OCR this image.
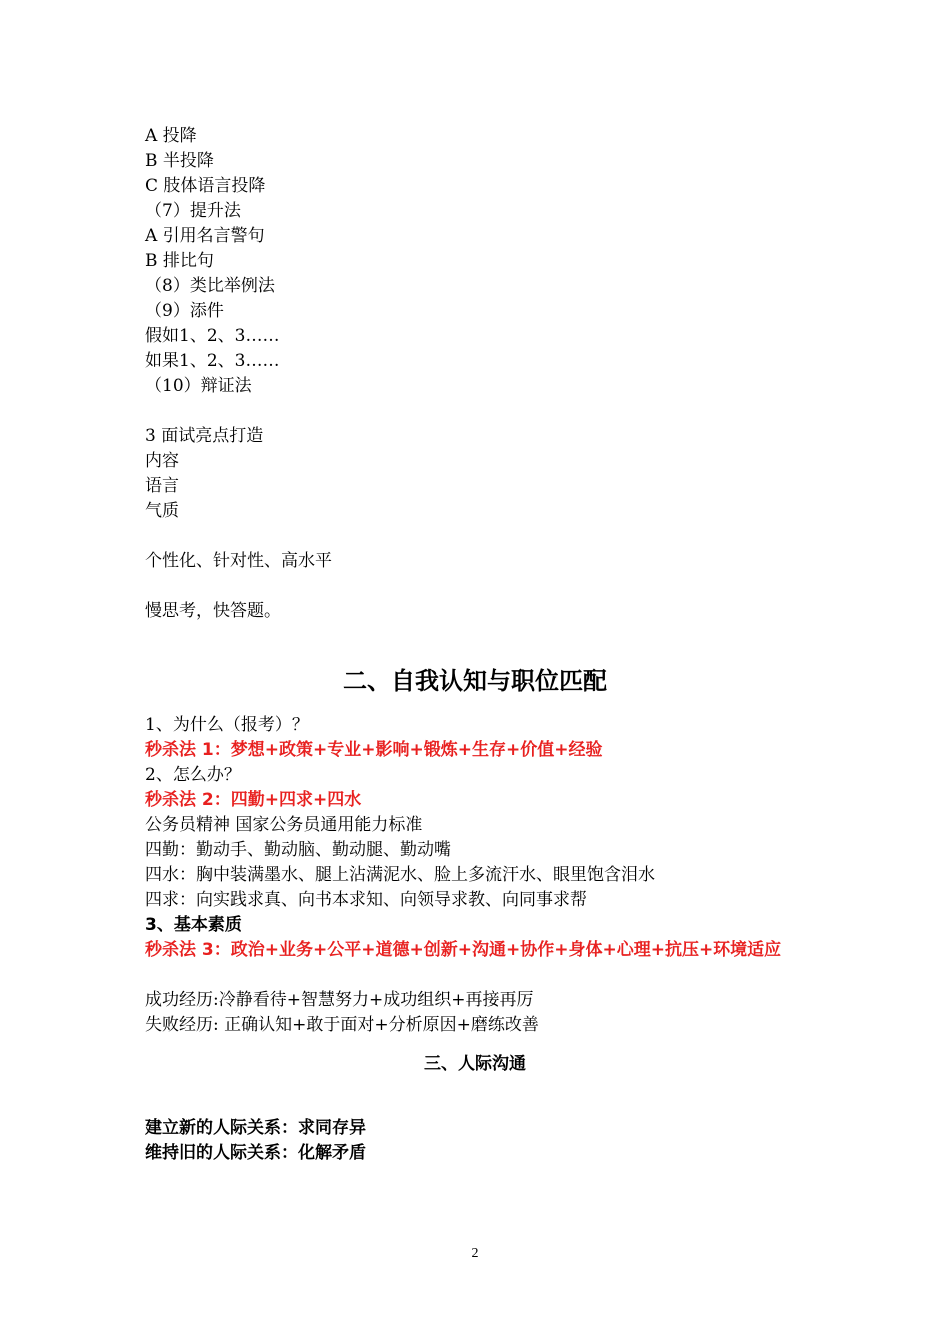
A 投降
B 半投降
C 肢体语言投降
（7）提升法
A 引用名言警句
B 排比句
（8）类比举例法
（9）添件
假如1、2、3……
如果1、2、3……
（10）辩证法
3 面试亮点打造
内容
语言
气质
个性化、针对性、高水平
慢思考，快答题。
二、自我认知与职位匹配
1、为什么（报考）？
秒杀法 1：梦想+政策+专业+影响+锻炼+生存+价值+经验
2、怎么办？
秒杀法 2：四勤+四求+四水
公务员精神 国家公务员通用能力标准
四勤：勤动手、勤动脑、勤动腿、勤动嘴
四水：胸中装满墨水、腿上沾满泥水、脸上多流汗水、眼里饱含泪水
四求：向实践求真、向书本求知、向领导求教、向同事求帮
3、基本素质
秒杀法 3：政治+业务+公平+道德+创新+沟通+协作+身体+心理+抗压+环境适应
成功经历:冷静看待+智慧努力+成功组织+再接再厉
失败经历: 正确认知+敢于面对+分析原因+磨练改善
三、人际沟通
建立新的人际关系：求同存异
维持旧的人际关系：化解矛盾
2
